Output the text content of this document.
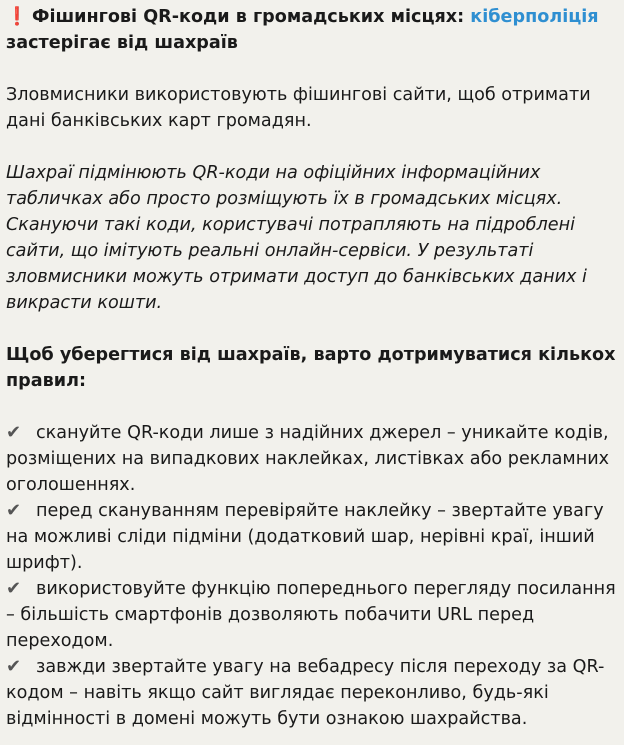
❗ Фішингові QR-коди в громадських місцях: кіберполіція
застерігає від шахраїв

Зловмисники використовують фішингові сайти, щоб отримати дані банківських карт громадян.

Шахраї підмінюють QR-коди на офіційних інформаційних табличках або просто розміщують їх в громадських місцях. Скануючи такі коди, користувачі потрапляють на підроблені сайти, що імітують реальні онлайн-сервіси. У результаті зловмисники можуть отримати доступ до банківських даних і викрасти кошти.

Щоб уберегтися від шахраїв, варто дотримуватися кількох правил:

✔ скануйте QR-коди лише з надійних джерел – уникайте кодів, розміщених на випадкових наклейках, листівках або рекламних оголошеннях.

✔ перед скануванням перевіряйте наклейку – звертайте увагу на можливі сліди підміни (додатковий шар, нерівні краї, інший шрифт).

✔ використовуйте функцію попереднього перегляду посилання – більшість смартфонів дозволяють побачити URL перед переходом.

✔ завжди звертайте увагу на вебадресу після переходу за QR-кодом – навіть якщо сайт виглядає переконливо, будь-які відмінності в домені можуть бути ознакою шахрайства.
